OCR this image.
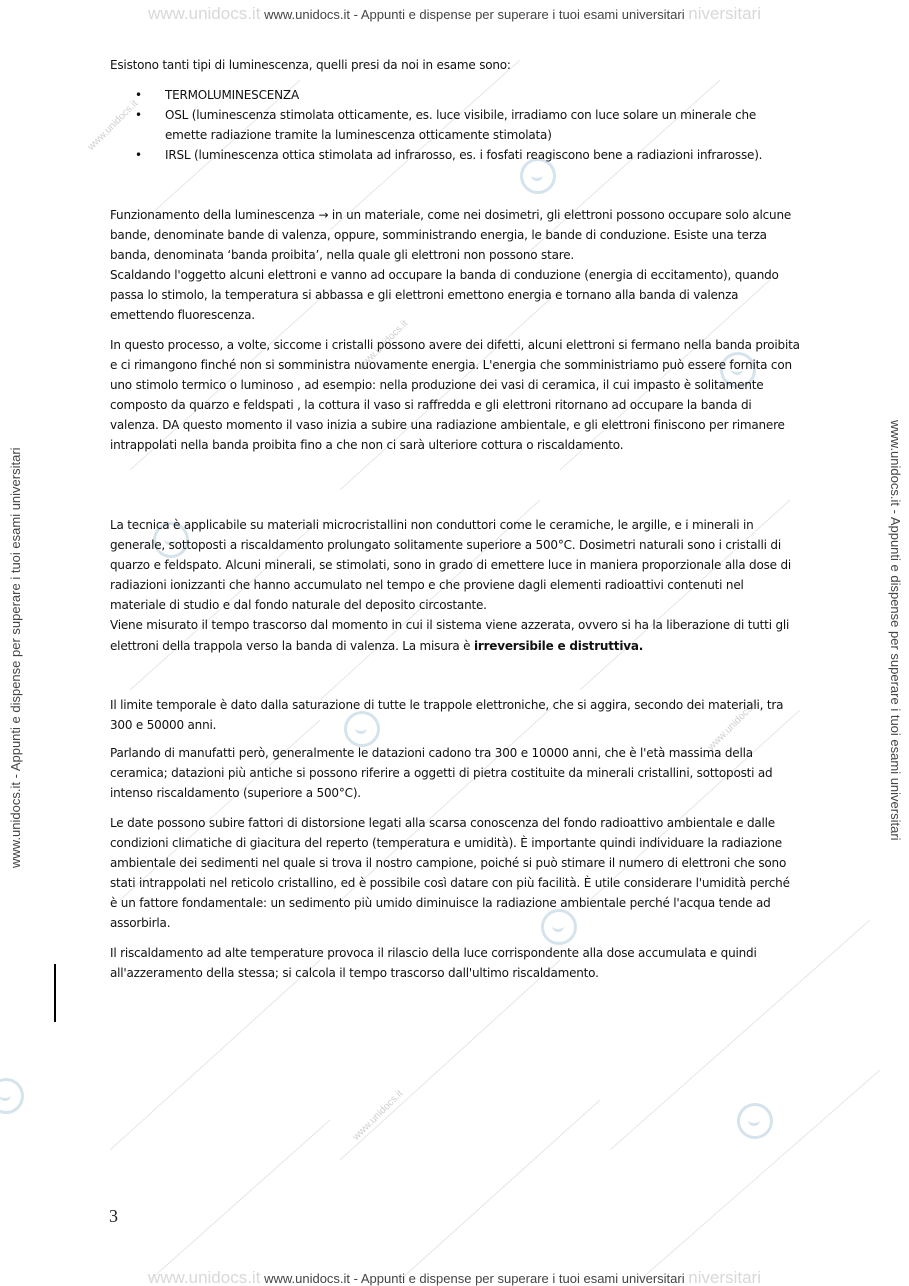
www.unidocs.it
www.unidocs.it
www.unidocs.it
www.unidocs.it
www.unidocs.it www.unidocs.it - Appunti e dispense per superare i tuoi esami universitari niversitari
www.unidocs.it www.unidocs.it - Appunti e dispense per superare i tuoi esami universitari niversitari
www.unidocs.it - Appunti e dispense per superare i tuoi esami universitari	www.unidocs.it - Appunti e dispense per superare i tuoi esami universitari
Esistono tanti tipi di luminescenza, quelli presi da noi in esame sono:
• TERMOLUMINESCENZA
• OSL (luminescenza stimolata otticamente, es. luce visibile, irradiamo con luce solare un minerale che emette radiazione tramite la luminescenza otticamente stimolata)
• IRSL (luminescenza ottica stimolata ad infrarosso, es. i fosfati reagiscono bene a radiazioni infrarosse).

Funzionamento della luminescenza → in un materiale, come nei dosimetri, gli elettroni possono occupare solo alcune bande, denominate bande di valenza, oppure, somministrando energia, le bande di conduzione. Esiste una terza banda, denominata ‘banda proibita’, nella quale gli elettroni non possono stare.

Scaldando l'oggetto alcuni elettroni e vanno ad occupare la banda di conduzione (energia di eccitamento), quando passa lo stimolo, la temperatura si abbassa e gli elettroni emettono energia e tornano alla banda di valenza emettendo fluorescenza.

In questo processo, a volte, siccome i cristalli possono avere dei difetti, alcuni elettroni si fermano nella banda proibita e ci rimangono finché non si somministra nuovamente energia. L'energia che somministriamo può essere fornita con uno stimolo termico o luminoso , ad esempio: nella produzione dei vasi di ceramica, il cui impasto è solitamente composto da quarzo e feldspati , la cottura il vaso si raffredda e gli elettroni ritornano ad occupare la banda di valenza. DA questo momento il vaso inizia a subire una radiazione ambientale, e gli elettroni finiscono per rimanere intrappolati nella banda proibita fino a che non ci sarà ulteriore cottura o riscaldamento.

La tecnica è applicabile su materiali microcristallini non conduttori come le ceramiche, le argille, e i minerali in generale, sottoposti a riscaldamento prolungato solitamente superiore a 500°C. Dosimetri naturali sono i cristalli di quarzo e feldspato. Alcuni minerali, se stimolati, sono in grado di emettere luce in maniera proporzionale alla dose di radiazioni ionizzanti che hanno accumulato nel tempo e che proviene dagli elementi radioattivi contenuti nel materiale di studio e dal fondo naturale del deposito circostante.

Viene misurato il tempo trascorso dal momento in cui il sistema viene azzerata, ovvero si ha la liberazione di tutti gli elettroni della trappola verso la banda di valenza. La misura è irreversibile e distruttiva.

Il limite temporale è dato dalla saturazione di tutte le trappole elettroniche, che si aggira, secondo dei materiali, tra 300 e 50000 anni.
Parlando di manufatti però, generalmente le datazioni cadono tra 300 e 10000 anni, che è l'età massima della ceramica; datazioni più antiche si possono riferire a oggetti di pietra costituite da minerali cristallini, sottoposti ad intenso riscaldamento (superiore a 500°C).
Le date possono subire fattori di distorsione legati alla scarsa conoscenza del fondo radioattivo ambientale e dalle condizioni climatiche di giacitura del reperto (temperatura e umidità). È importante quindi individuare la radiazione ambientale dei sedimenti nel quale si trova il nostro campione, poiché si può stimare il numero di elettroni che sono stati intrappolati nel reticolo cristallino, ed è possibile così datare con più facilità. È utile considerare l'umidità perché è un fattore fondamentale: un sedimento più umido diminuisce la radiazione ambientale perché l'acqua tende ad assorbirla.
Il riscaldamento ad alte temperature provoca il rilascio della luce corrispondente alla dose accumulata e quindi all'azzeramento della stessa; si calcola il tempo trascorso dall'ultimo riscaldamento.
3
